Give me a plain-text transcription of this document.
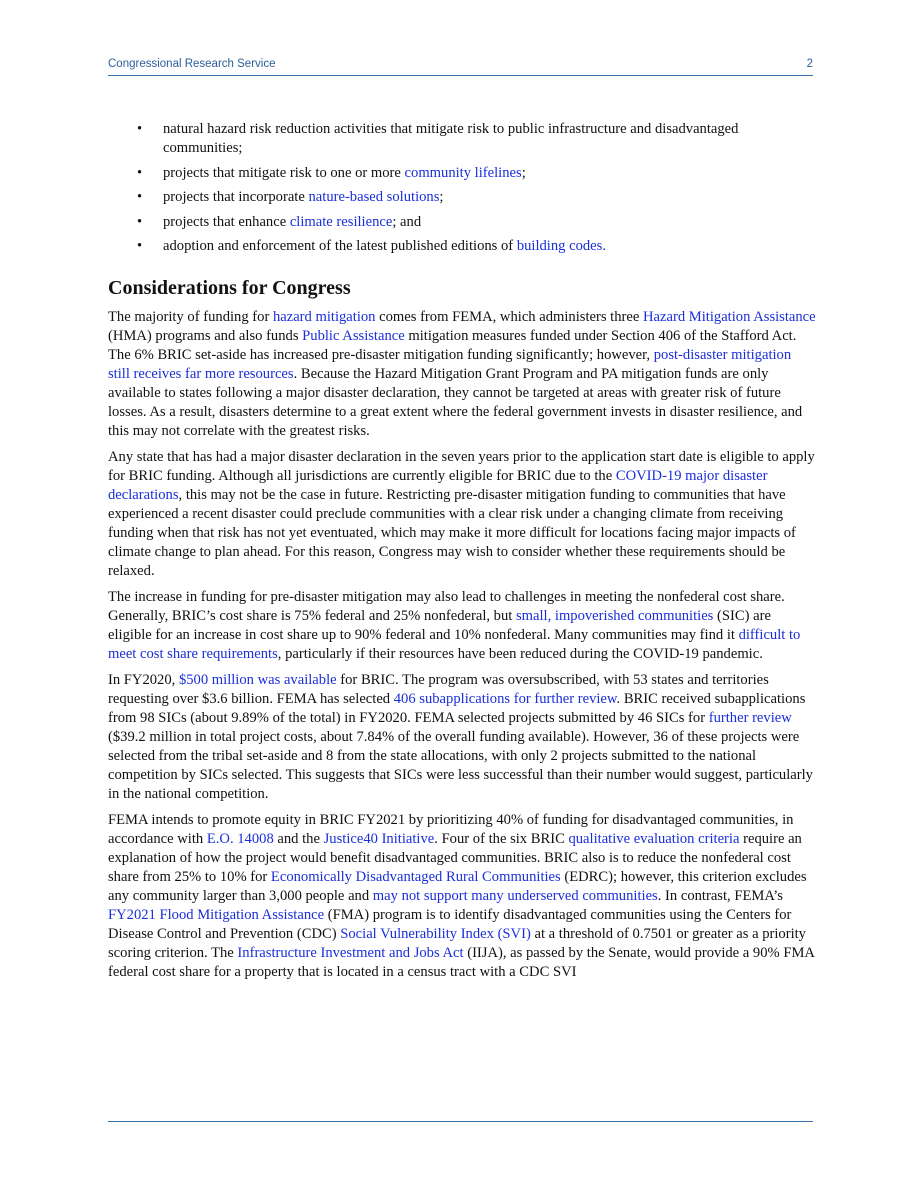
Congressional Research Service	2
• natural hazard risk reduction activities that mitigate risk to public infrastructure and disadvantaged communities;
• projects that mitigate risk to one or more community lifelines;
• projects that incorporate nature-based solutions;
• projects that enhance climate resilience; and
• adoption and enforcement of the latest published editions of building codes.
Considerations for Congress

The majority of funding for hazard mitigation comes from FEMA, which administers three Hazard Mitigation Assistance (HMA) programs and also funds Public Assistance mitigation measures funded under Section 406 of the Stafford Act. The 6% BRIC set-aside has increased pre-disaster mitigation funding significantly; however, post-disaster mitigation still receives far more resources. Because the Hazard Mitigation Grant Program and PA mitigation funds are only available to states following a major disaster declaration, they cannot be targeted at areas with greater risk of future losses. As a result, disasters determine to a great extent where the federal government invests in disaster resilience, and this may not correlate with the greatest risks.

Any state that has had a major disaster declaration in the seven years prior to the application start date is eligible to apply for BRIC funding. Although all jurisdictions are currently eligible for BRIC due to the COVID-19 major disaster declarations, this may not be the case in future. Restricting pre-disaster mitigation funding to communities that have experienced a recent disaster could preclude communities with a clear risk under a changing climate from receiving funding when that risk has not yet eventuated, which may make it more difficult for locations facing major impacts of climate change to plan ahead. For this reason, Congress may wish to consider whether these requirements should be relaxed.

The increase in funding for pre-disaster mitigation may also lead to challenges in meeting the nonfederal cost share. Generally, BRIC’s cost share is 75% federal and 25% nonfederal, but small, impoverished communities (SIC) are eligible for an increase in cost share up to 90% federal and 10% nonfederal. Many communities may find it difficult to meet cost share requirements, particularly if their resources have been reduced during the COVID-19 pandemic.

In FY2020, $500 million was available for BRIC. The program was oversubscribed, with 53 states and territories requesting over $3.6 billion. FEMA has selected 406 subapplications for further review. BRIC received subapplications from 98 SICs (about 9.89% of the total) in FY2020. FEMA selected projects submitted by 46 SICs for further review ($39.2 million in total project costs, about 7.84% of the overall funding available). However, 36 of these projects were selected from the tribal set-aside and 8 from the state allocations, with only 2 projects submitted to the national competition by SICs selected. This suggests that SICs were less successful than their number would suggest, particularly in the national competition.

FEMA intends to promote equity in BRIC FY2021 by prioritizing 40% of funding for disadvantaged communities, in accordance with E.O. 14008 and the Justice40 Initiative. Four of the six BRIC qualitative evaluation criteria require an explanation of how the project would benefit disadvantaged communities. BRIC also is to reduce the nonfederal cost share from 25% to 10% for Economically Disadvantaged Rural Communities (EDRC); however, this criterion excludes any community larger than 3,000 people and may not support many underserved communities. In contrast, FEMA’s FY2021 Flood Mitigation Assistance (FMA) program is to identify disadvantaged communities using the Centers for Disease Control and Prevention (CDC) Social Vulnerability Index (SVI) at a threshold of 0.7501 or greater as a priority scoring criterion. The Infrastructure Investment and Jobs Act (IIJA), as passed by the Senate, would provide a 90% FMA federal cost share for a property that is located in a census tract with a CDC SVI
